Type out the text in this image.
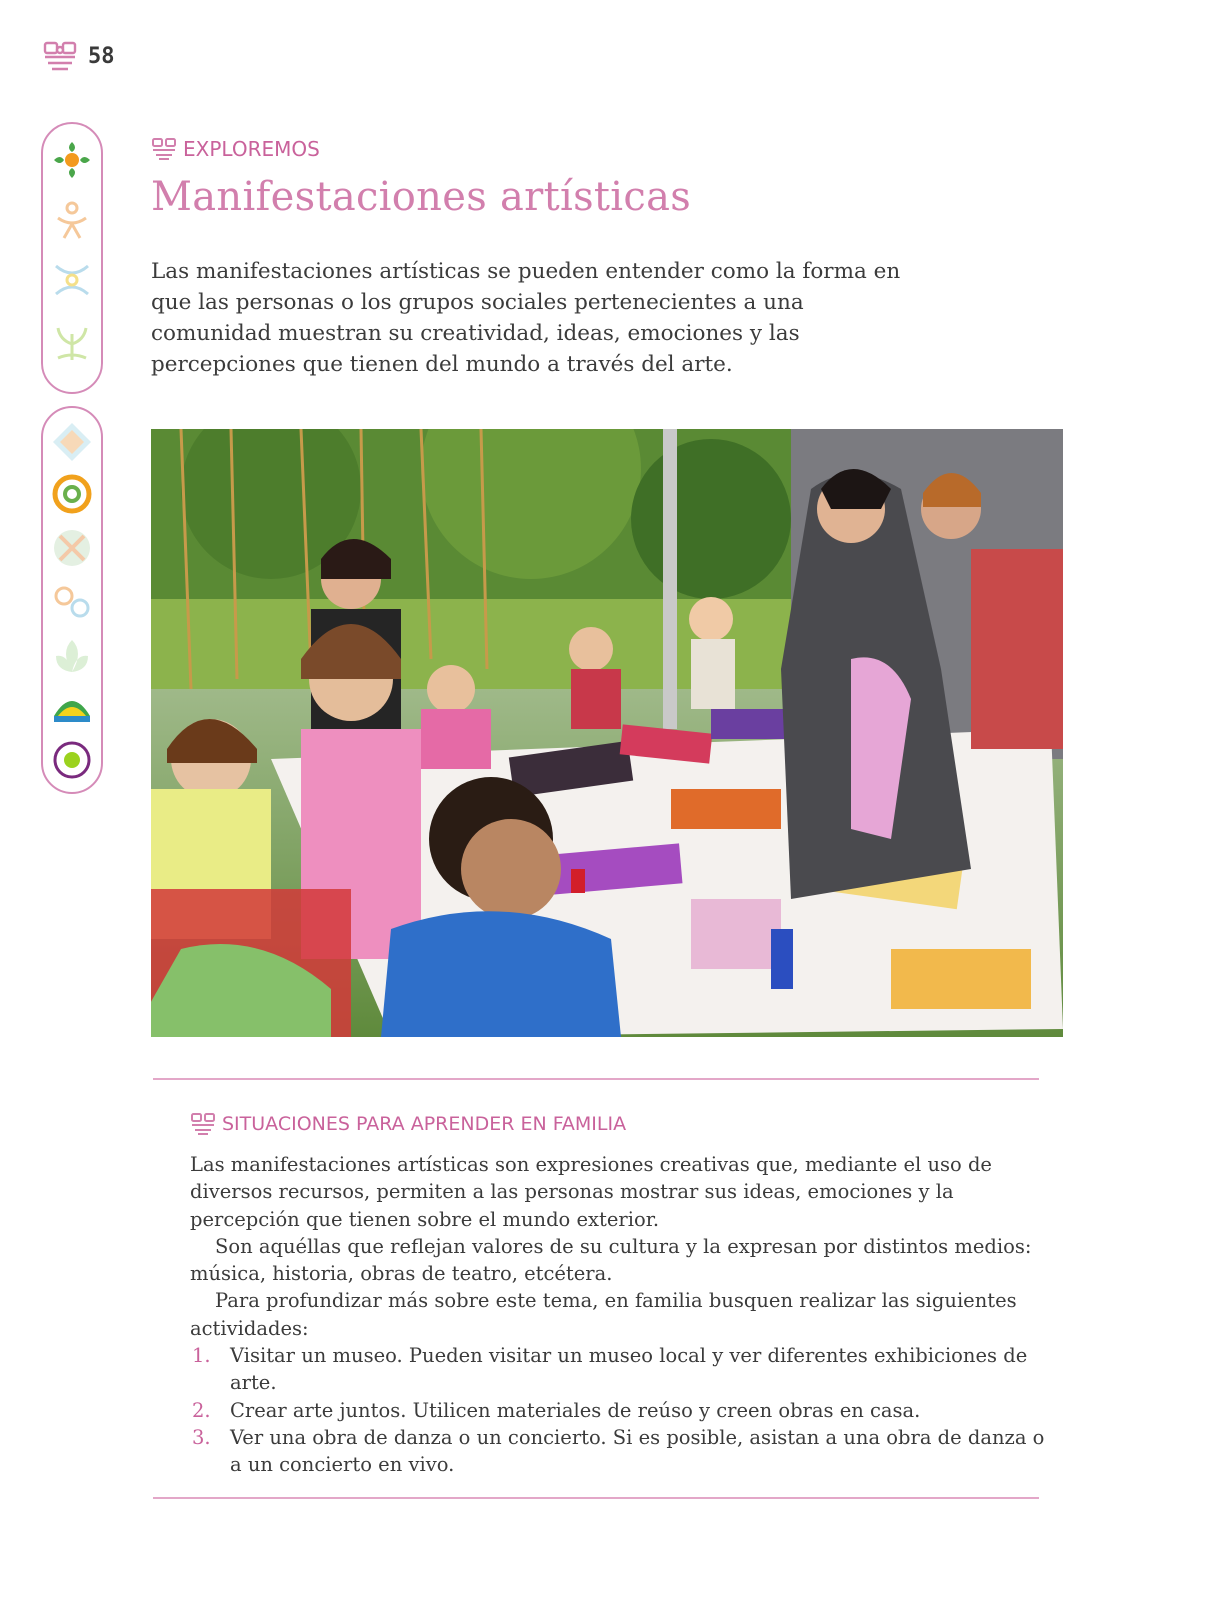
58
EXPLOREMOS
Manifestaciones artísticas

Las manifestaciones artísticas se pueden entender como la forma en que las personas o los grupos sociales pertenecientes a una comunidad muestran su creatividad, ideas, emociones y las percepciones que tienen del mundo a través del arte.

SITUACIONES PARA APRENDER EN FAMILIA

Las manifestaciones artísticas son expresiones creativas que, mediante el uso de diversos recursos, permiten a las personas mostrar sus ideas, emociones y la percepción que tienen sobre el mundo exterior.

Son aquéllas que reflejan valores de su cultura y la expresan por distintos medios: música, historia, obras de teatro, etcétera.

Para profundizar más sobre este tema, en familia busquen realizar las siguientes actividades:

1. Visitar un museo. Pueden visitar un museo local y ver diferentes exhibiciones de arte.
2. Crear arte juntos. Utilicen materiales de reúso y creen obras en casa.
3. Ver una obra de danza o un concierto. Si es posible, asistan a una obra de danza o a un concierto en vivo.
